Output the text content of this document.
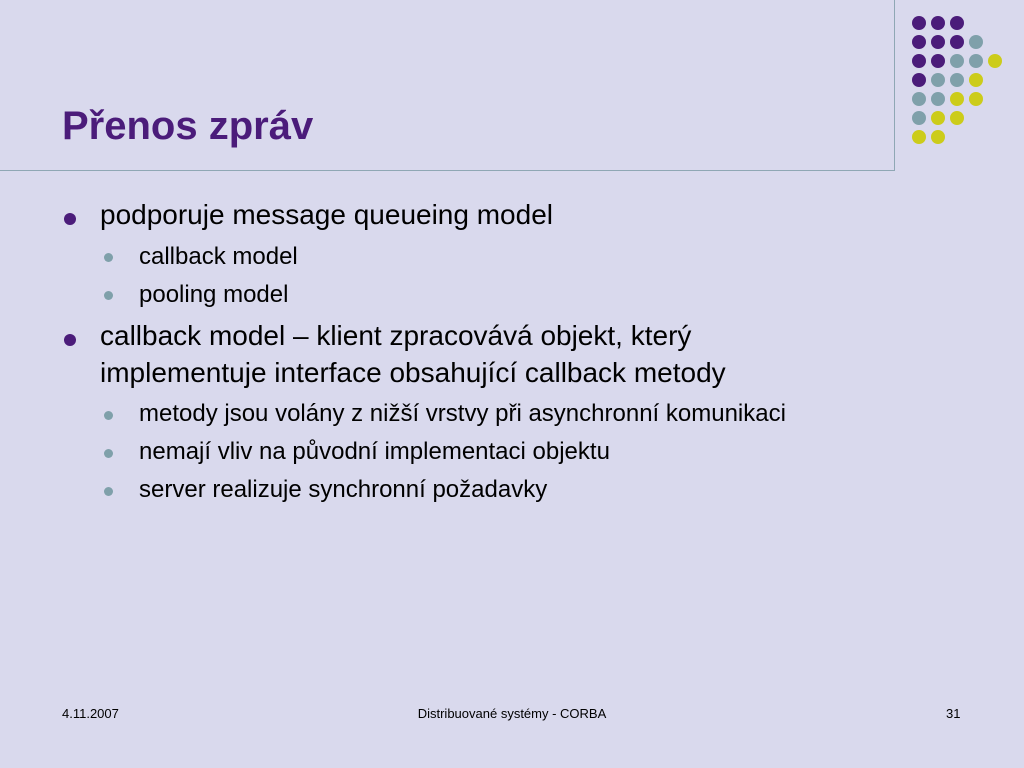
Přenos zpráv
podporuje message queueing model
callback model
pooling model
callback model – klient zpracovává objekt, který
implementuje interface obsahující callback metody
metody jsou volány z nižší vrstvy při asynchronní komunikaci
nemají vliv na původní implementaci objektu
server realizuje synchronní požadavky
4.11.2007	Distribuované systémy - CORBA	31
